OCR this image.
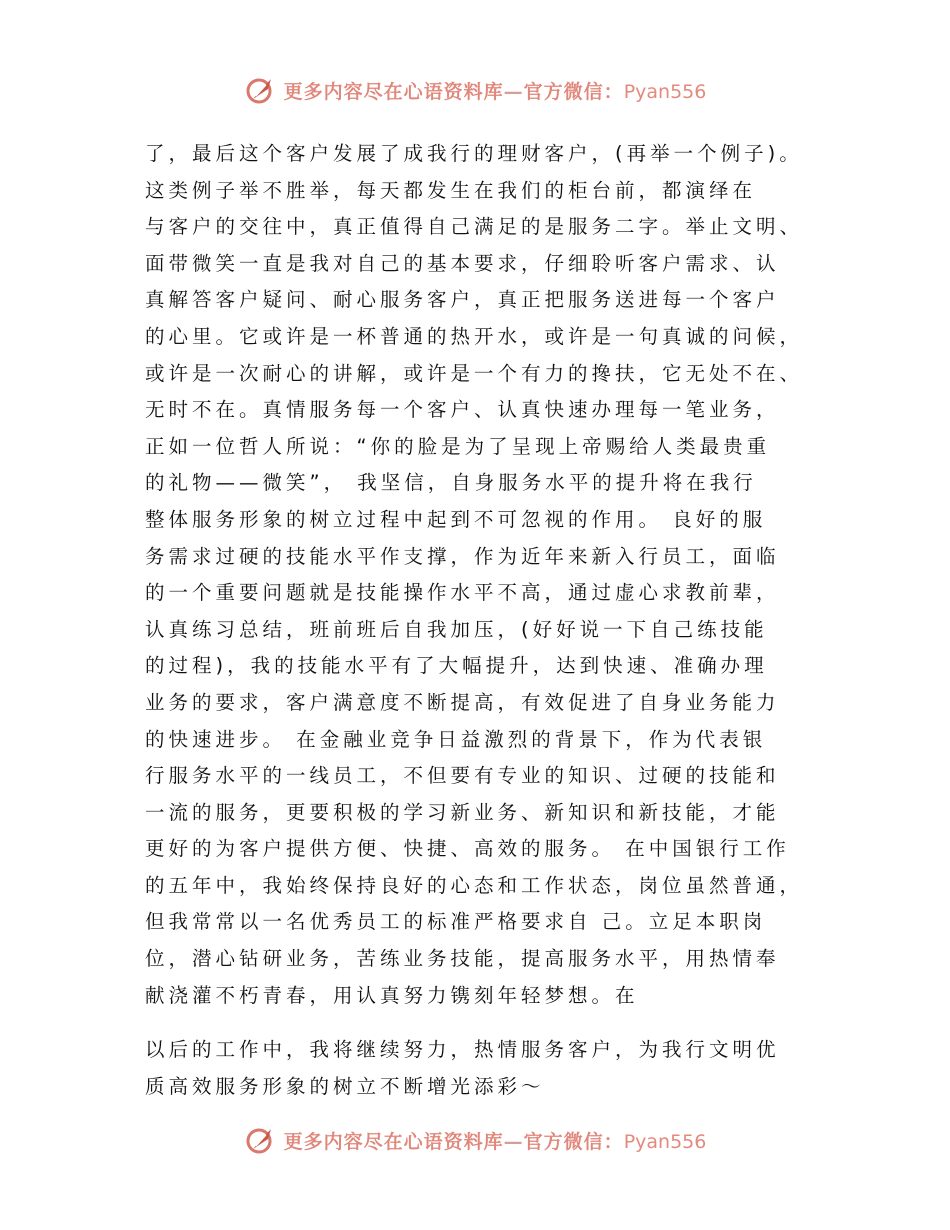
更多内容尽在心语资料库—官方微信：Pyan556
了，最后这个客户发展了成我行的理财客户，(再举一个例子)。
这类例子举不胜举，每天都发生在我们的柜台前，都演绎在
与客户的交往中，真正值得自己满足的是服务二字。举止文明、
面带微笑一直是我对自己的基本要求，仔细聆听客户需求、认
真解答客户疑问、耐心服务客户，真正把服务送进每一个客户
的心里。它或许是一杯普通的热开水，或许是一句真诚的问候，
或许是一次耐心的讲解，或许是一个有力的搀扶，它无处不在、
无时不在。真情服务每一个客户、认真快速办理每一笔业务，
正如一位哲人所说：“你的脸是为了呈现上帝赐给人类最贵重
的礼物——微笑”， 我坚信，自身服务水平的提升将在我行
整体服务形象的树立过程中起到不可忽视的作用。 良好的服
务需求过硬的技能水平作支撑，作为近年来新入行员工，面临
的一个重要问题就是技能操作水平不高，通过虚心求教前辈，
认真练习总结，班前班后自我加压，(好好说一下自己练技能
的过程)，我的技能水平有了大幅提升，达到快速、准确办理
业务的要求，客户满意度不断提高，有效促进了自身业务能力
的快速进步。 在金融业竞争日益激烈的背景下，作为代表银
行服务水平的一线员工，不但要有专业的知识、过硬的技能和
一流的服务，更要积极的学习新业务、新知识和新技能，才能
更好的为客户提供方便、快捷、高效的服务。 在中国银行工作
的五年中，我始终保持良好的心态和工作状态，岗位虽然普通，
但我常常以一名优秀员工的标准严格要求自 己。立足本职岗
位，潜心钻研业务，苦练业务技能，提高服务水平，用热情奉
献浇灌不朽青春，用认真努力镌刻年轻梦想。在
以后的工作中，我将继续努力，热情服务客户，为我行文明优
质高效服务形象的树立不断增光添彩～
更多内容尽在心语资料库—官方微信：Pyan556
